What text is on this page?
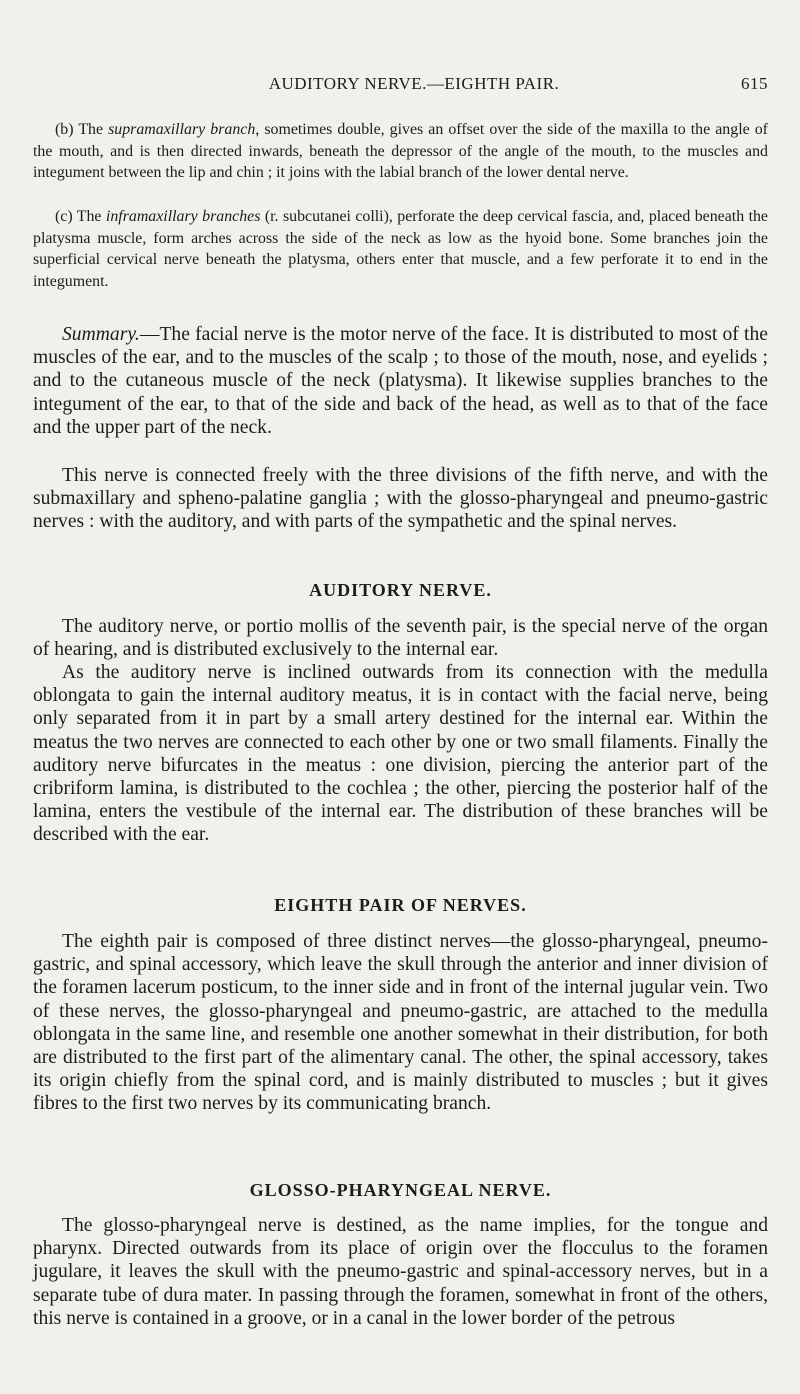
AUDITORY NERVE.—EIGHTH PAIR.	615

(b) The supramaxillary branch, sometimes double, gives an offset over the side of the maxilla to the angle of the mouth, and is then directed inwards, beneath the depressor of the angle of the mouth, to the muscles and integument between the lip and chin ; it joins with the labial branch of the lower dental nerve.

(c) The inframaxillary branches (r. subcutanei colli), perforate the deep cervical fascia, and, placed beneath the platysma muscle, form arches across the side of the neck as low as the hyoid bone. Some branches join the superficial cervical nerve beneath the platysma, others enter that muscle, and a few perforate it to end in the integument.

Summary.—The facial nerve is the motor nerve of the face. It is distributed to most of the muscles of the ear, and to the muscles of the scalp ; to those of the mouth, nose, and eyelids ; and to the cutaneous muscle of the neck (platysma). It likewise supplies branches to the integument of the ear, to that of the side and back of the head, as well as to that of the face and the upper part of the neck.

This nerve is connected freely with the three divisions of the fifth nerve, and with the submaxillary and spheno-palatine ganglia ; with the glosso-pharyngeal and pneumo-gastric nerves : with the auditory, and with parts of the sympathetic and the spinal nerves.

AUDITORY NERVE.

The auditory nerve, or portio mollis of the seventh pair, is the special nerve of the organ of hearing, and is distributed exclusively to the internal ear.

As the auditory nerve is inclined outwards from its connection with the medulla oblongata to gain the internal auditory meatus, it is in contact with the facial nerve, being only separated from it in part by a small artery destined for the internal ear. Within the meatus the two nerves are connected to each other by one or two small filaments. Finally the auditory nerve bifurcates in the meatus : one division, piercing the anterior part of the cribriform lamina, is distributed to the cochlea ; the other, piercing the posterior half of the lamina, enters the vestibule of the internal ear. The distribution of these branches will be described with the ear.

EIGHTH PAIR OF NERVES.

The eighth pair is composed of three distinct nerves—the glosso-pharyngeal, pneumo-gastric, and spinal accessory, which leave the skull through the anterior and inner division of the foramen lacerum posticum, to the inner side and in front of the internal jugular vein. Two of these nerves, the glosso-pharyngeal and pneumo-gastric, are attached to the medulla oblongata in the same line, and resemble one another somewhat in their distribution, for both are distributed to the first part of the alimentary canal. The other, the spinal accessory, takes its origin chiefly from the spinal cord, and is mainly distributed to muscles ; but it gives fibres to the first two nerves by its communicating branch.

GLOSSO-PHARYNGEAL NERVE.

The glosso-pharyngeal nerve is destined, as the name implies, for the tongue and pharynx. Directed outwards from its place of origin over the flocculus to the foramen jugulare, it leaves the skull with the pneumo-gastric and spinal-accessory nerves, but in a separate tube of dura mater. In passing through the foramen, somewhat in front of the others, this nerve is contained in a groove, or in a canal in the lower border of the petrous
